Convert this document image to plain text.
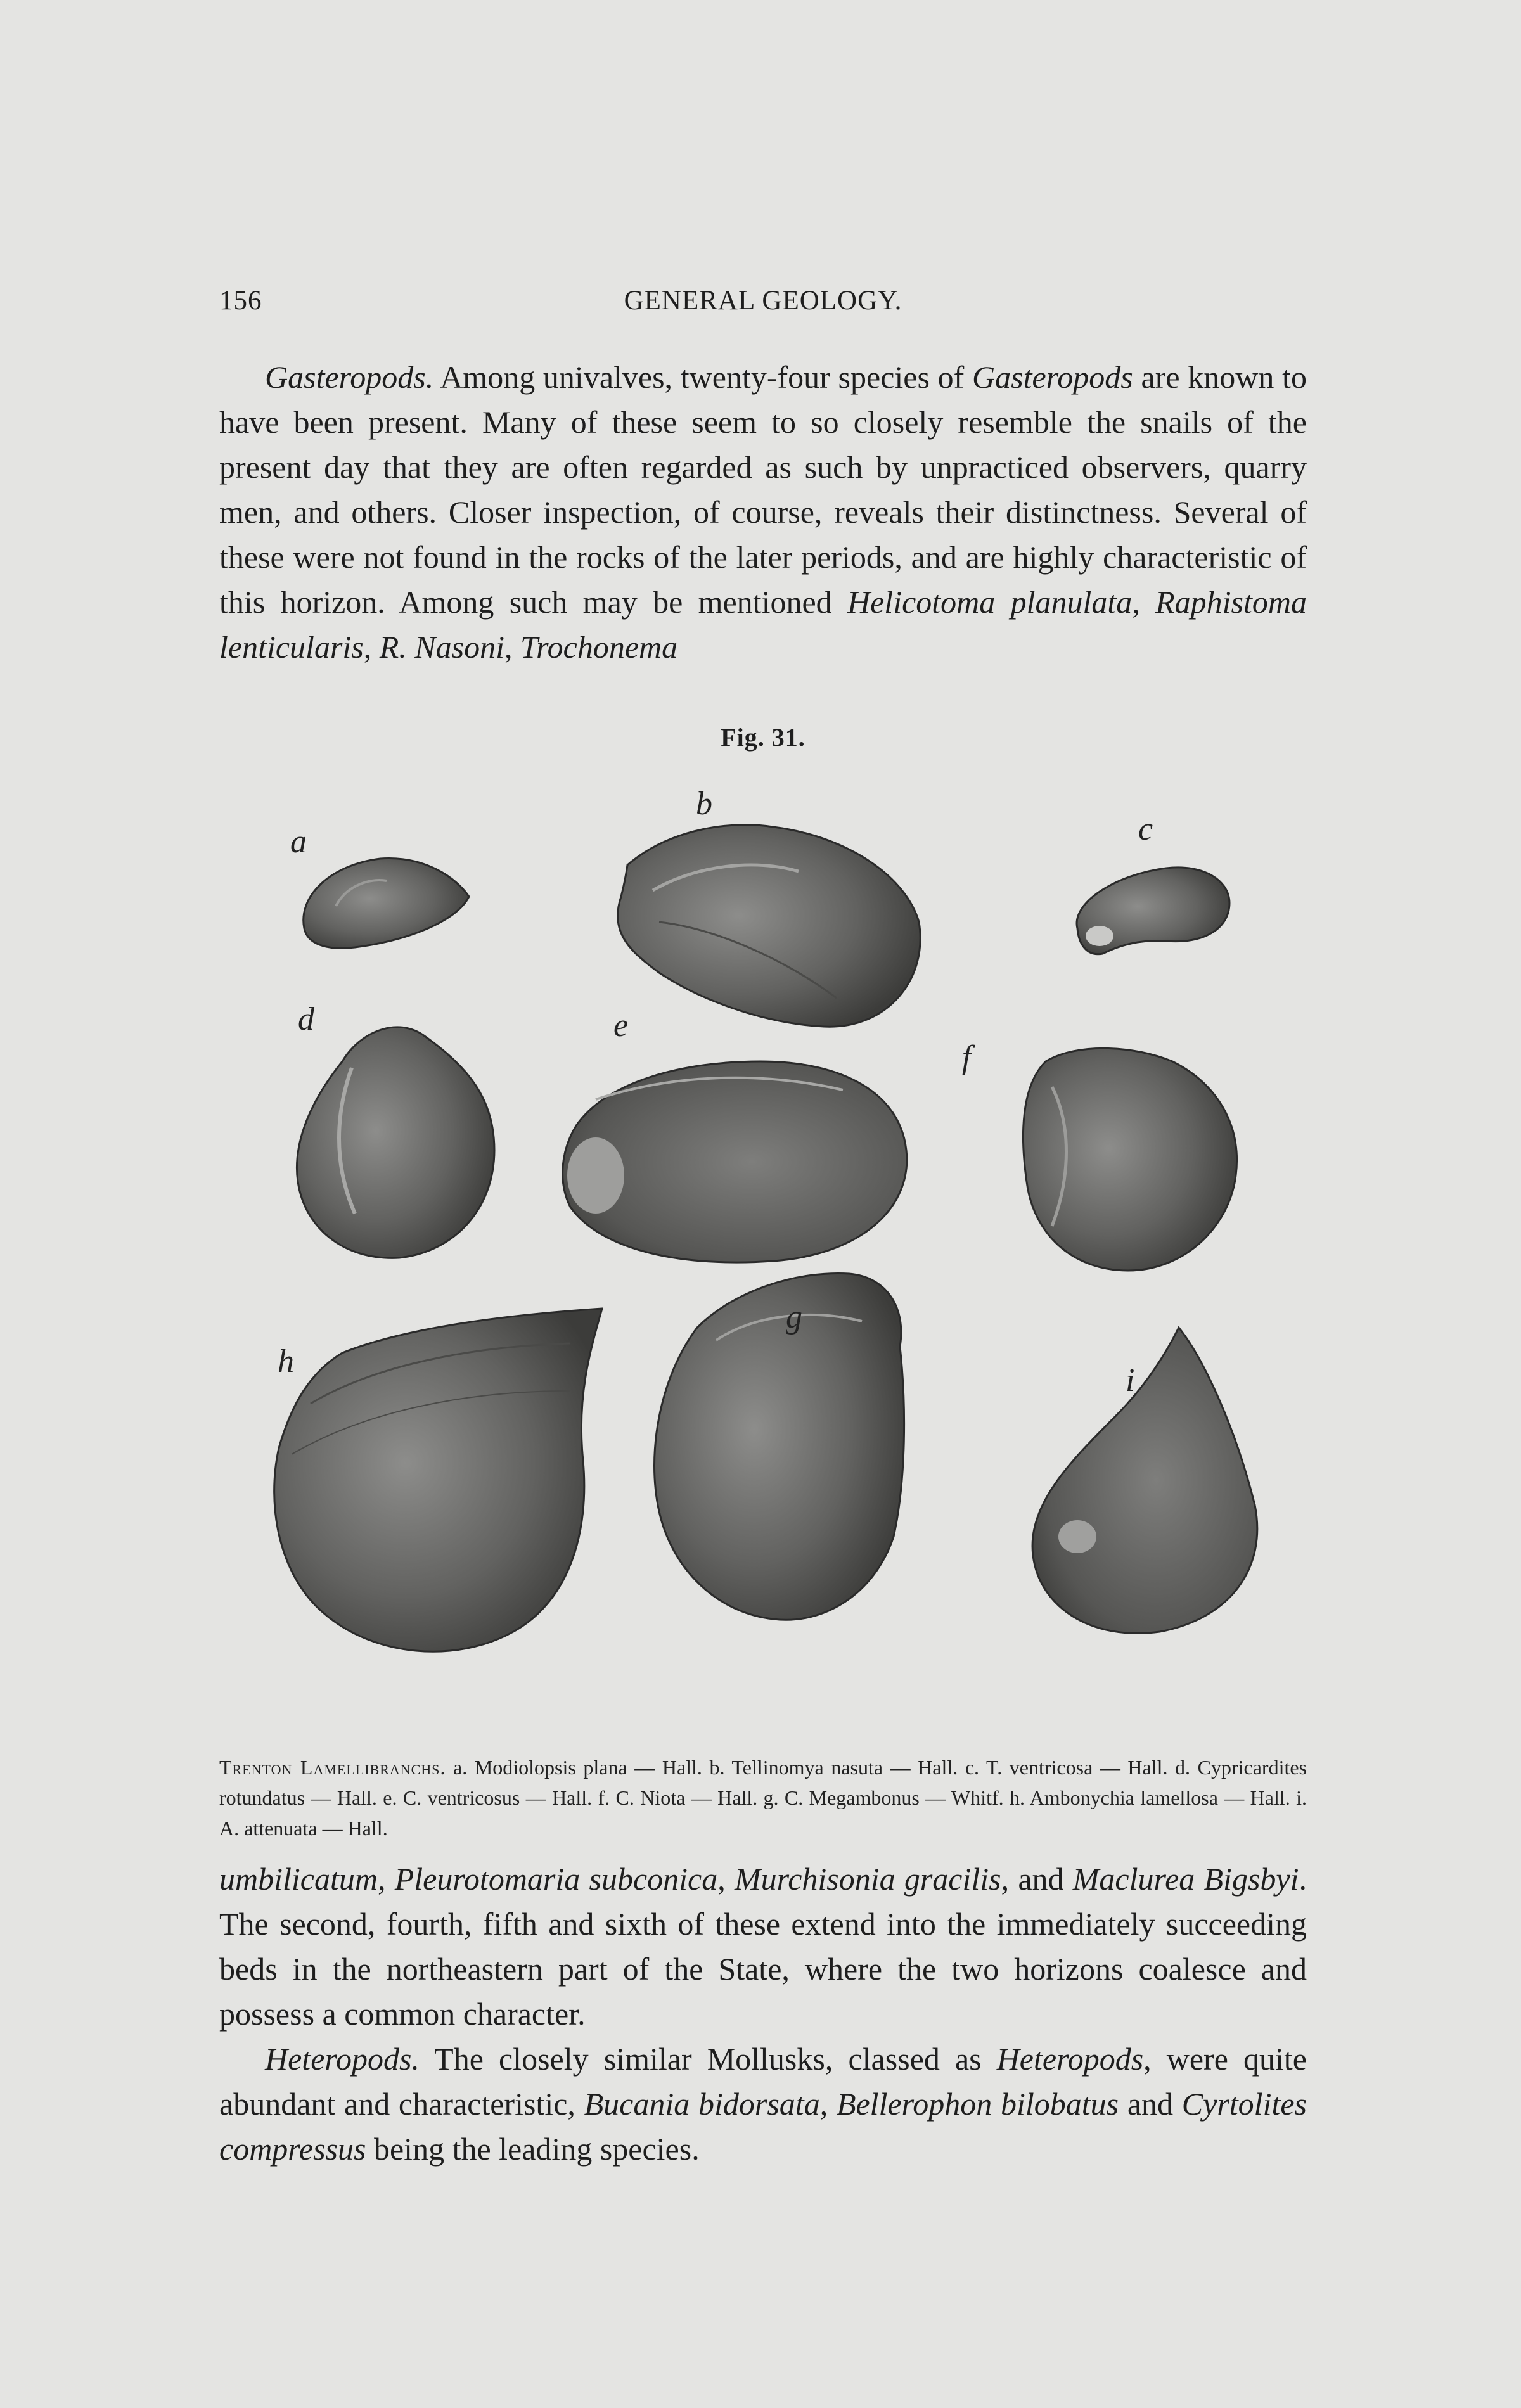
156	GENERAL GEOLOGY.

Gasteropods. Among univalves, twenty-four species of Gasteropods are known to have been present. Many of these seem to so closely resemble the snails of the present day that they are often regarded as such by unpracticed observers, quarry men, and others. Closer inspection, of course, reveals their distinctness. Several of these were not found in the rocks of the later periods, and are highly characteristic of this horizon. Among such may be mentioned Helicotoma planulata, Raphistoma lenticularis, R. Nasoni, Trochonema

Fig. 31.
a
b
c
d	e
f
g
h
i
Trenton Lamellibranchs. a. Modiolopsis plana — Hall. b. Tellinomya nasuta — Hall. c. T. ventricosa — Hall. d. Cypricardites rotundatus — Hall. e. C. ventricosus — Hall. f. C. Niota — Hall. g. C. Megambonus — Whitf. h. Ambonychia lamellosa — Hall. i. A. attenuata — Hall.

umbilicatum, Pleurotomaria subconica, Murchisonia gracilis, and Maclurea Bigsbyi. The second, fourth, fifth and sixth of these extend into the immediately succeeding beds in the northeastern part of the State, where the two horizons coalesce and possess a common character.

Heteropods. The closely similar Mollusks, classed as Heteropods, were quite abundant and characteristic, Bucania bidorsata, Bellerophon bilobatus and Cyrtolites compressus being the leading species.
